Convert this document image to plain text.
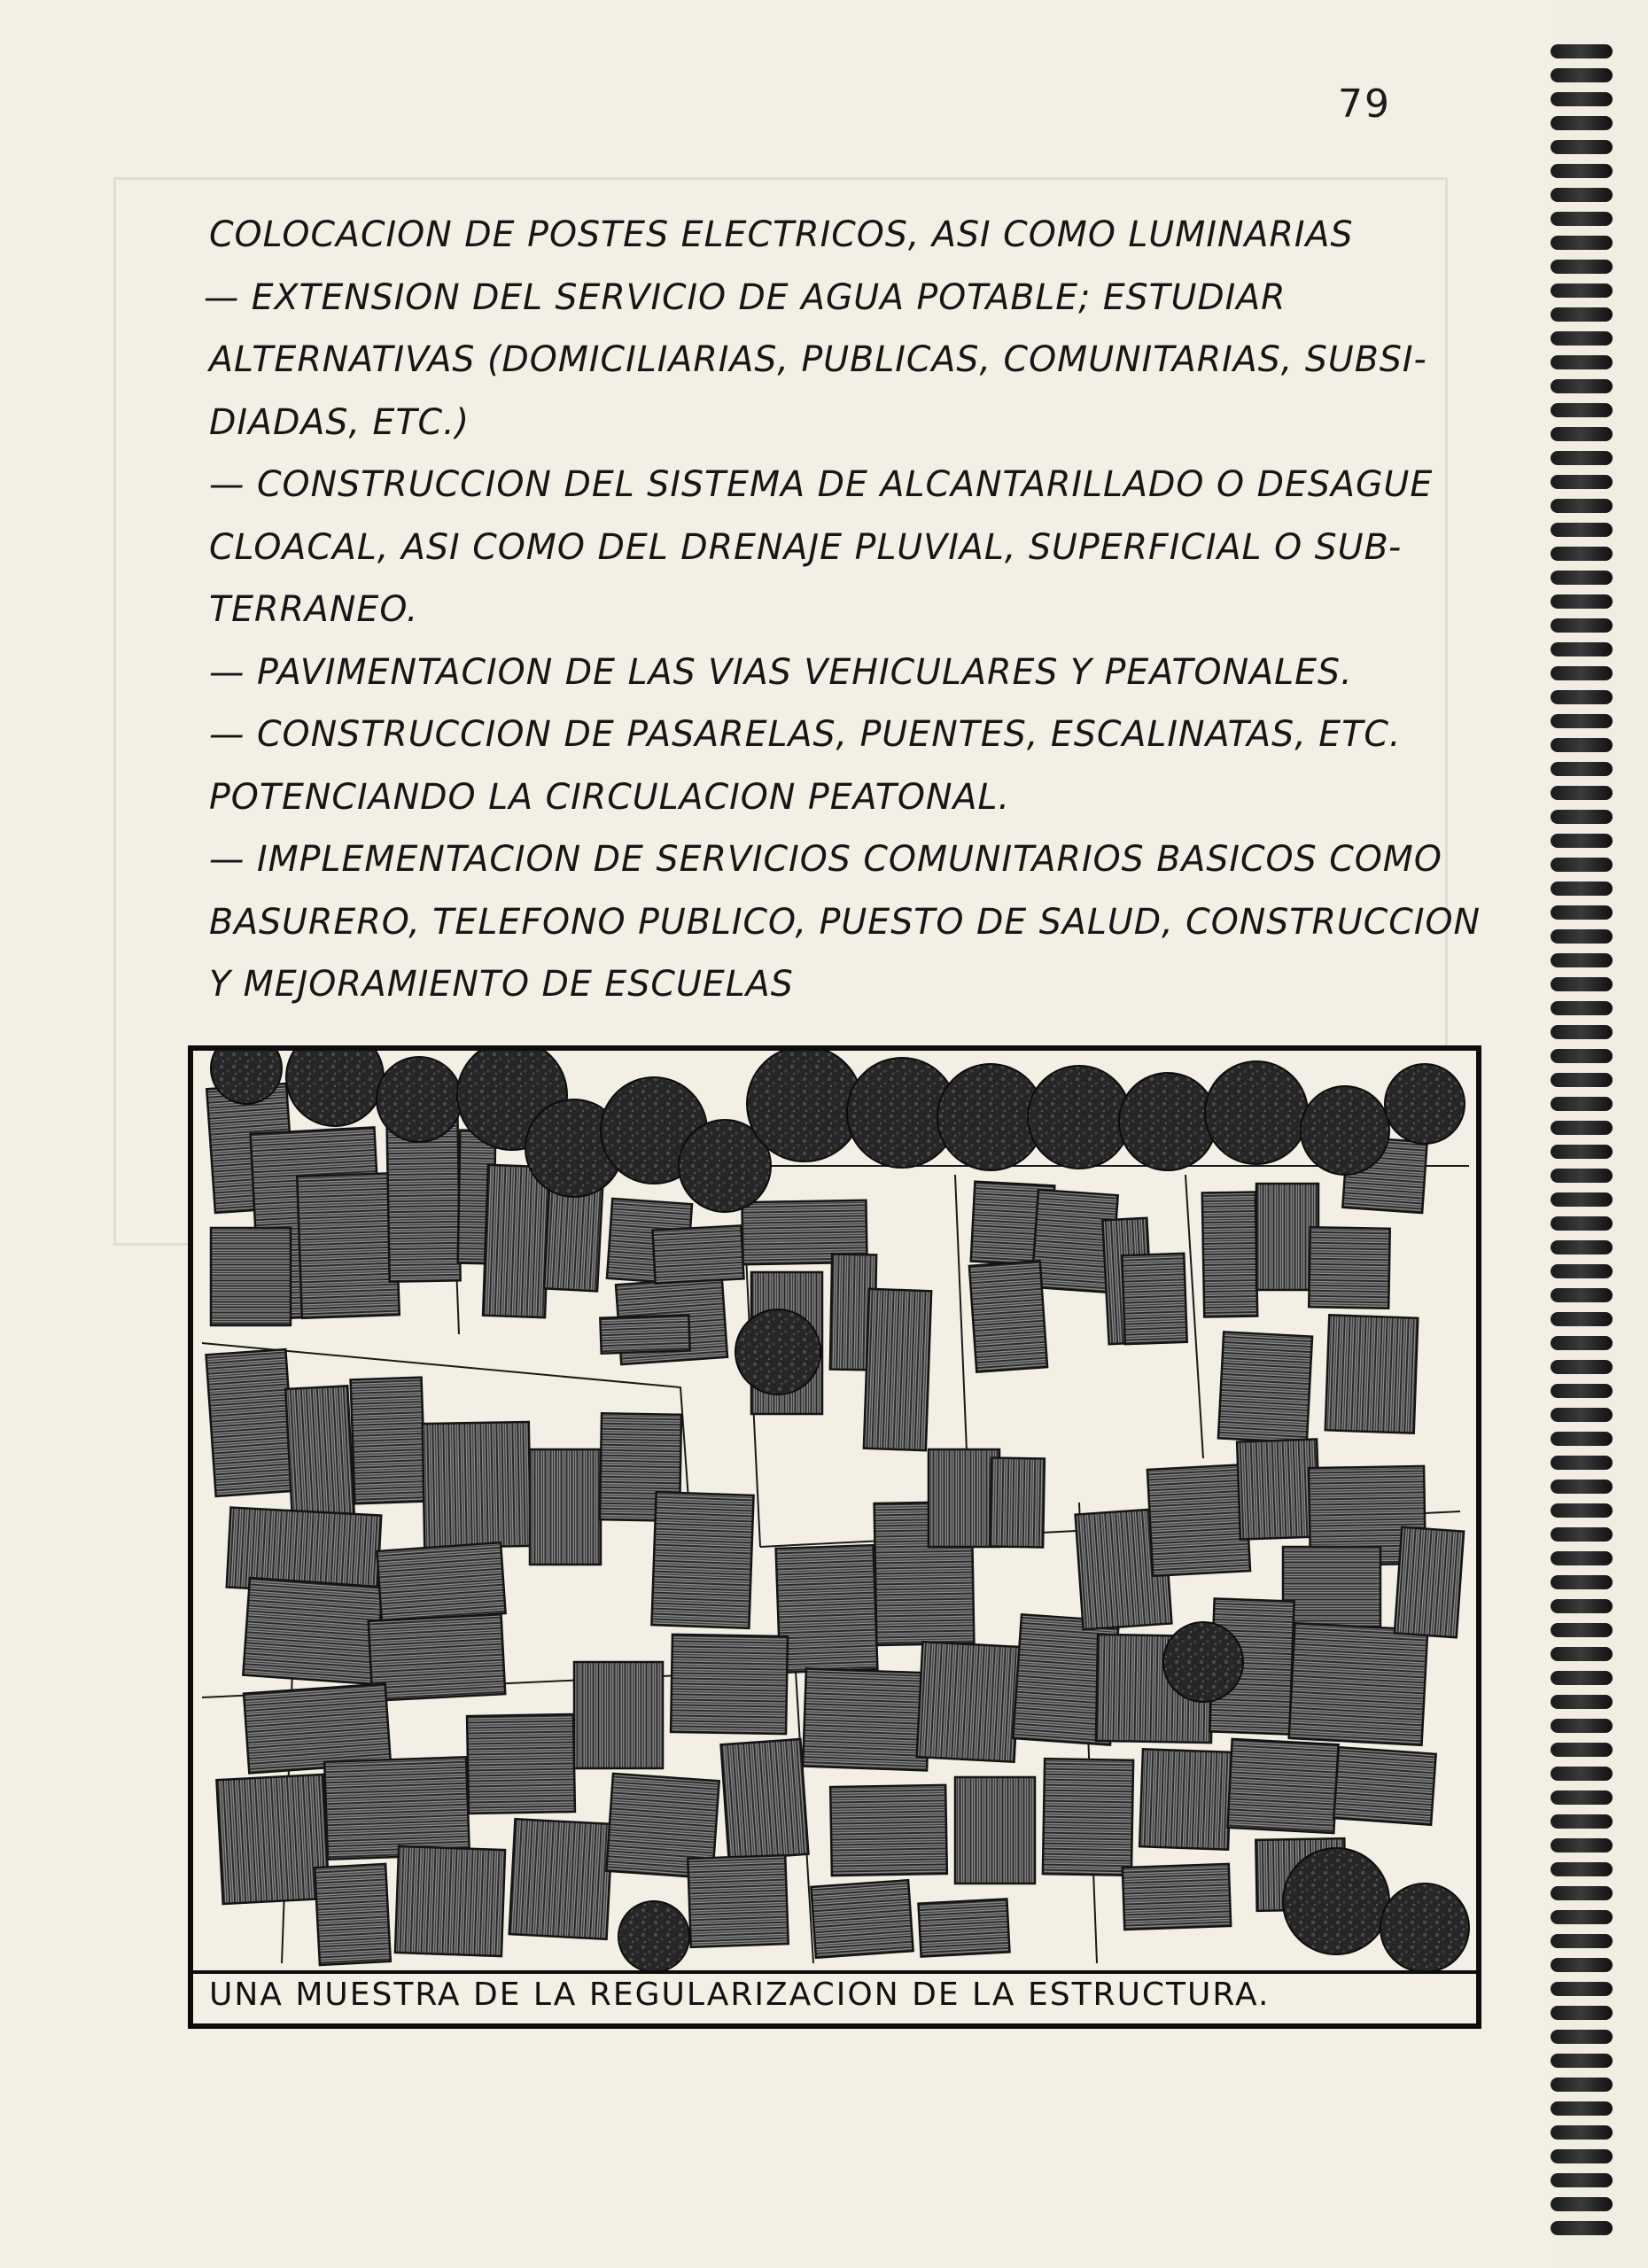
79
COLOCACION DE POSTES ELECTRICOS, ASI COMO LUMINARIAS
— EXTENSION DEL SERVICIO DE AGUA POTABLE; ESTUDIAR
ALTERNATIVAS (DOMICILIARIAS, PUBLICAS, COMUNITARIAS, SUBSI-
DIADAS, ETC.)
— CONSTRUCCION DEL SISTEMA DE ALCANTARILLADO O DESAGUE
CLOACAL, ASI COMO DEL DRENAJE PLUVIAL, SUPERFICIAL O SUB-
TERRANEO.
— PAVIMENTACION DE LAS VIAS VEHICULARES Y PEATONALES.
— CONSTRUCCION DE PASARELAS, PUENTES, ESCALINATAS, ETC.
POTENCIANDO LA CIRCULACION PEATONAL.
— IMPLEMENTACION DE SERVICIOS COMUNITARIOS BASICOS COMO
BASURERO, TELEFONO PUBLICO, PUESTO DE SALUD, CONSTRUCCION
Y MEJORAMIENTO DE ESCUELAS
UNA MUESTRA DE LA REGULARIZACION DE LA ESTRUCTURA.
